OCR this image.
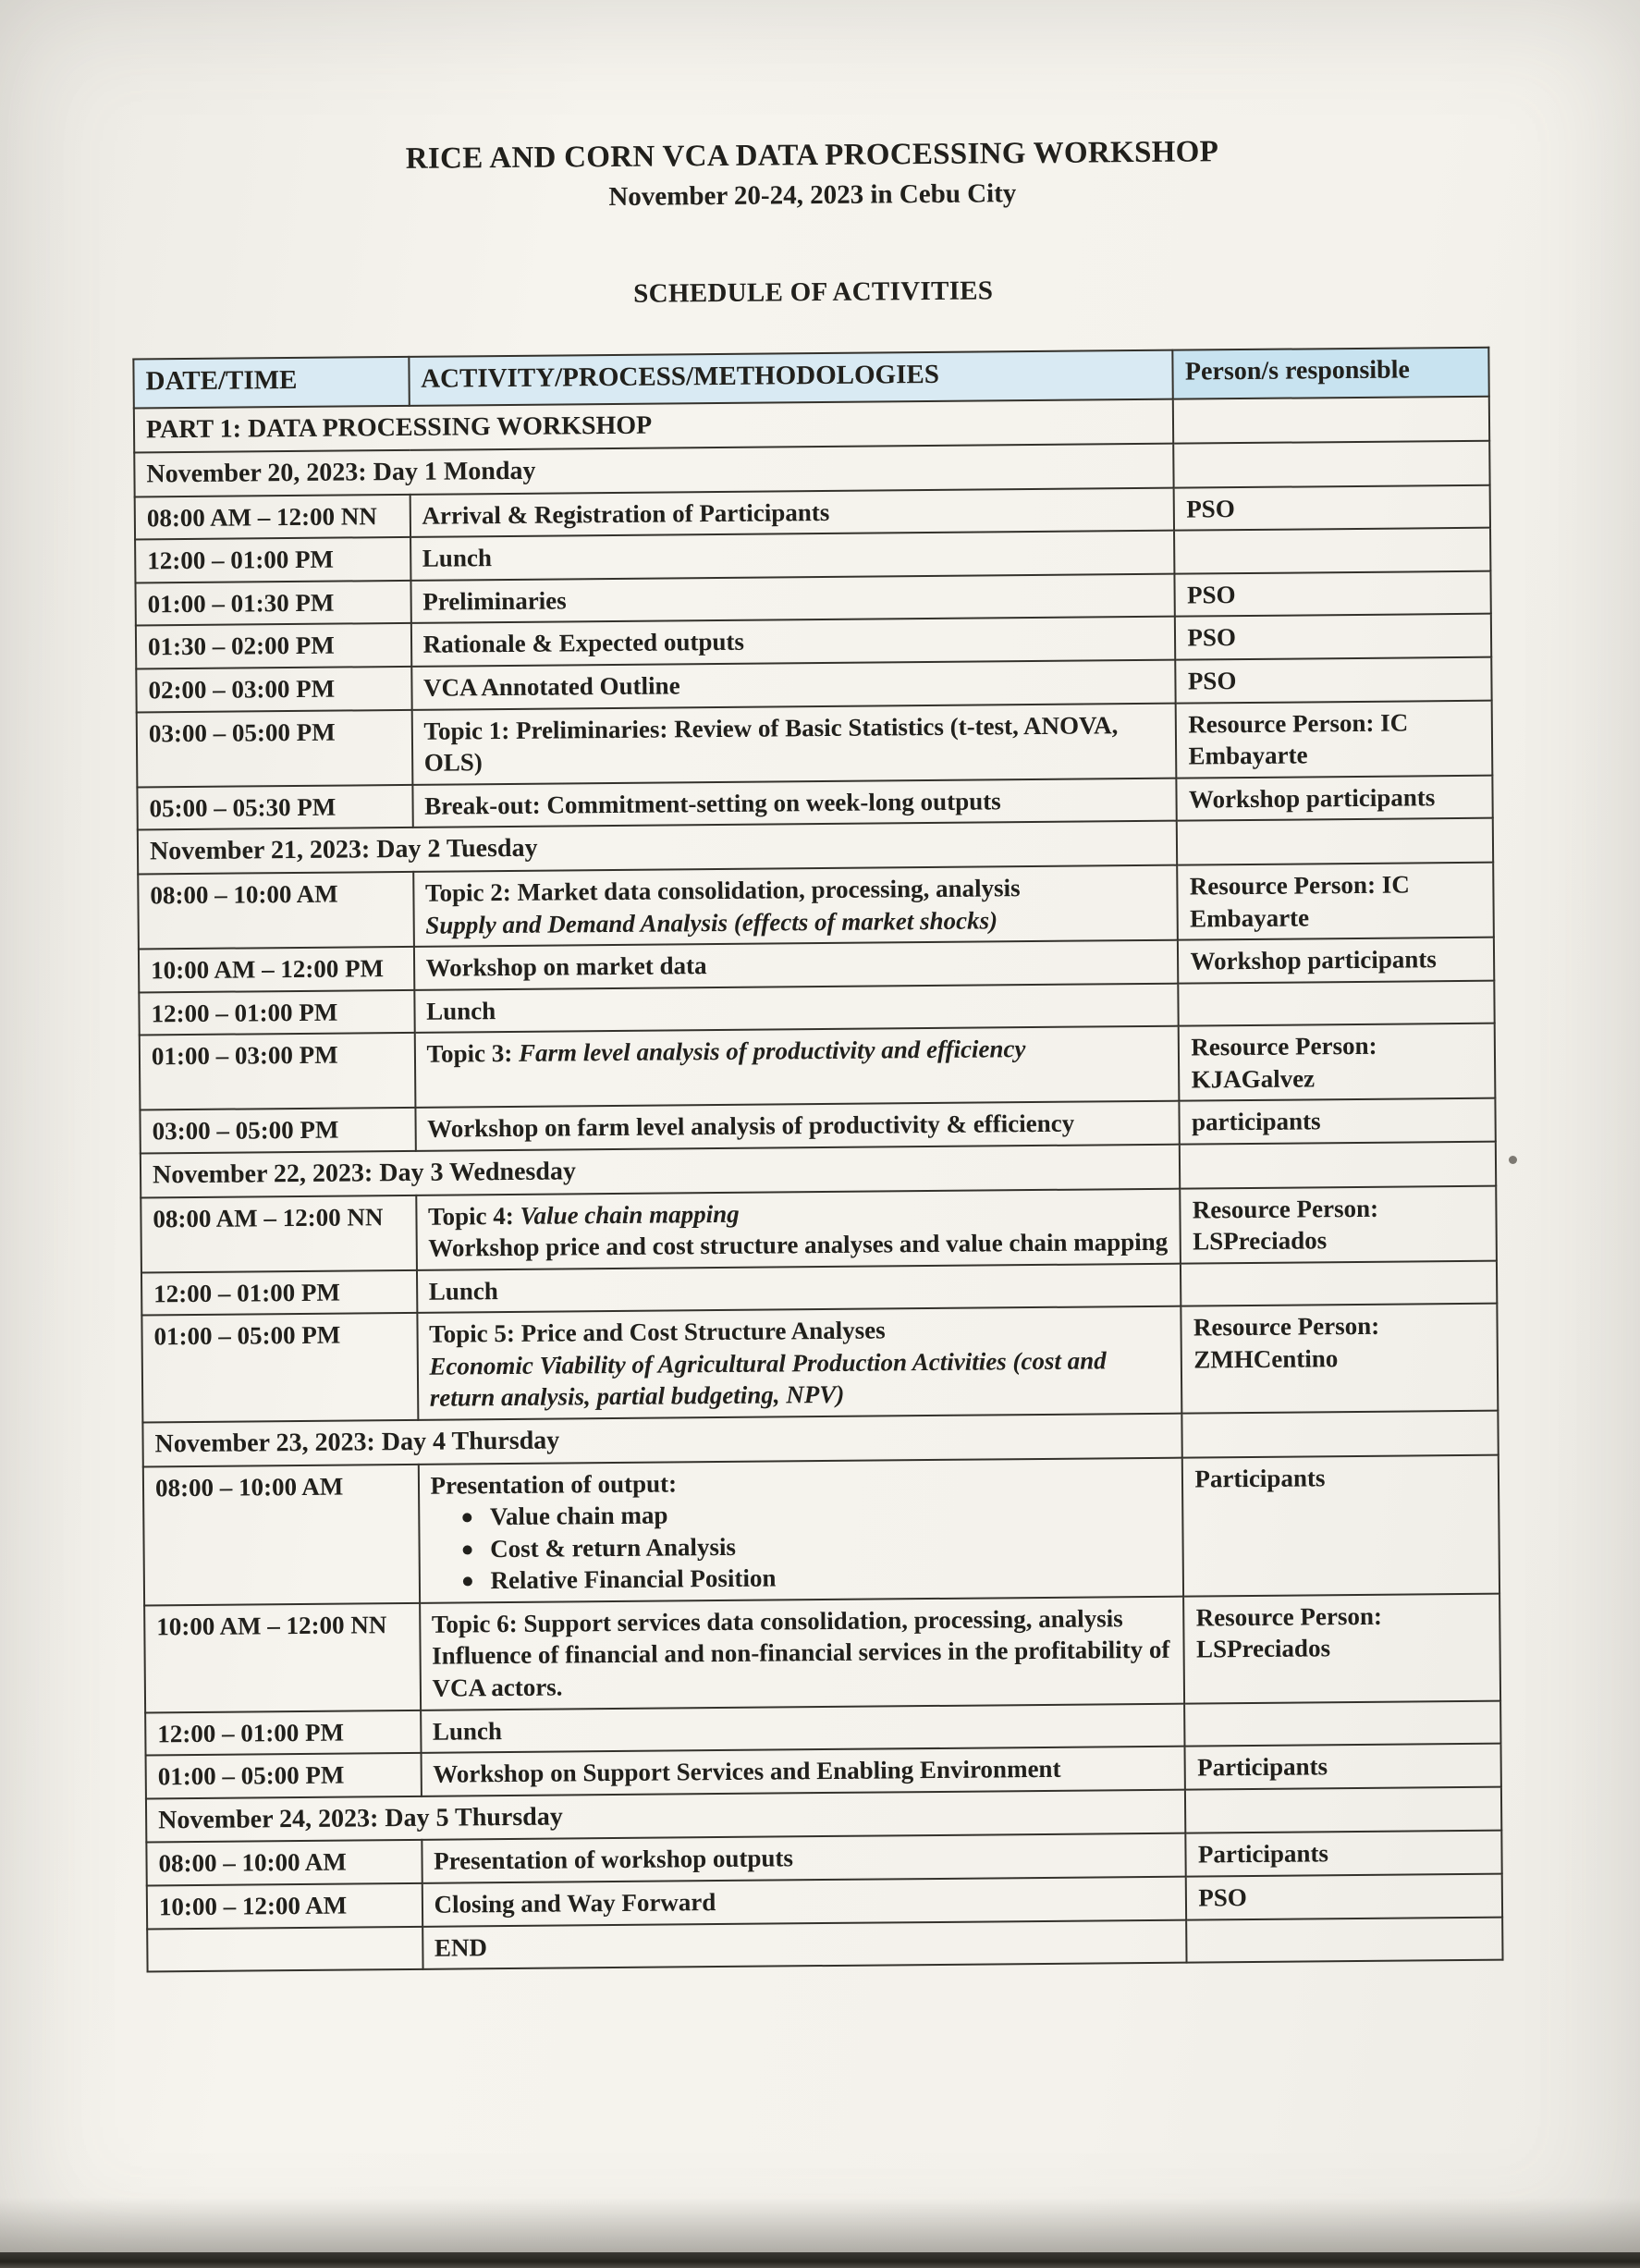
RICE AND CORN VCA DATA PROCESSING WORKSHOP
November 20-24, 2023 in Cebu City
SCHEDULE OF ACTIVITIES
DATE/TIME	ACTIVITY/PROCESS/METHODOLOGIES	Person/s responsible
PART 1: DATA PROCESSING WORKSHOP		
November 20, 2023: Day 1 Monday		
08:00 AM – 12:00 NN	Arrival & Registration of Participants	PSO
12:00 – 01:00 PM	Lunch	

01:00 – 01:30 PM	Preliminaries	PSO
01:30 – 02:00 PM	Rationale & Expected outputs	PSO
02:00 – 03:00 PM	VCA Annotated Outline	PSO
03:00 – 05:00 PM	Topic 1: Preliminaries: Review of Basic Statistics (t-test, ANOVA, OLS)	Resource Person: IC Embayarte
05:00 – 05:30 PM	Break-out: Commitment-setting on week-long outputs	Workshop participants
November 21, 2023: Day 2 Tuesday		
08:00 – 10:00 AM	Topic 2: Market data consolidation, processing, analysis
Supply and Demand Analysis (effects of market shocks)	Resource Person: IC Embayarte
10:00 AM – 12:00 PM	Workshop on market data	Workshop participants
12:00 – 01:00 PM	Lunch	

01:00 – 03:00 PM	Topic 3: Farm level analysis of productivity and efficiency	Resource Person: KJAGalvez
03:00 – 05:00 PM	Workshop on farm level analysis of productivity & efficiency	participants
November 22, 2023: Day 3 Wednesday		
08:00 AM – 12:00 NN	Topic 4: Value chain mapping
Workshop price and cost structure analyses and value chain mapping	Resource Person: LSPreciados
12:00 – 01:00 PM	Lunch	

01:00 – 05:00 PM	Topic 5: Price and Cost Structure Analyses
Economic Viability of Agricultural Production Activities (cost and return analysis, partial budgeting, NPV)	Resource Person: ZMHCentino
November 23, 2023: Day 4 Thursday		
08:00 – 10:00 AM	Presentation of output:
Value chain map
Cost & return Analysis
Relative Financial Position	Participants
10:00 AM – 12:00 NN	Topic 6: Support services data consolidation, processing, analysis
Influence of financial and non-financial services in the profitability of VCA actors.	Resource Person: LSPreciados
12:00 – 01:00 PM	Lunch	

01:00 – 05:00 PM	Workshop on Support Services and Enabling Environment	Participants
November 24, 2023: Day 5 Thursday		
08:00 – 10:00 AM	Presentation of workshop outputs	Participants
10:00 – 12:00 AM	Closing and Way Forward	PSO

	END	
